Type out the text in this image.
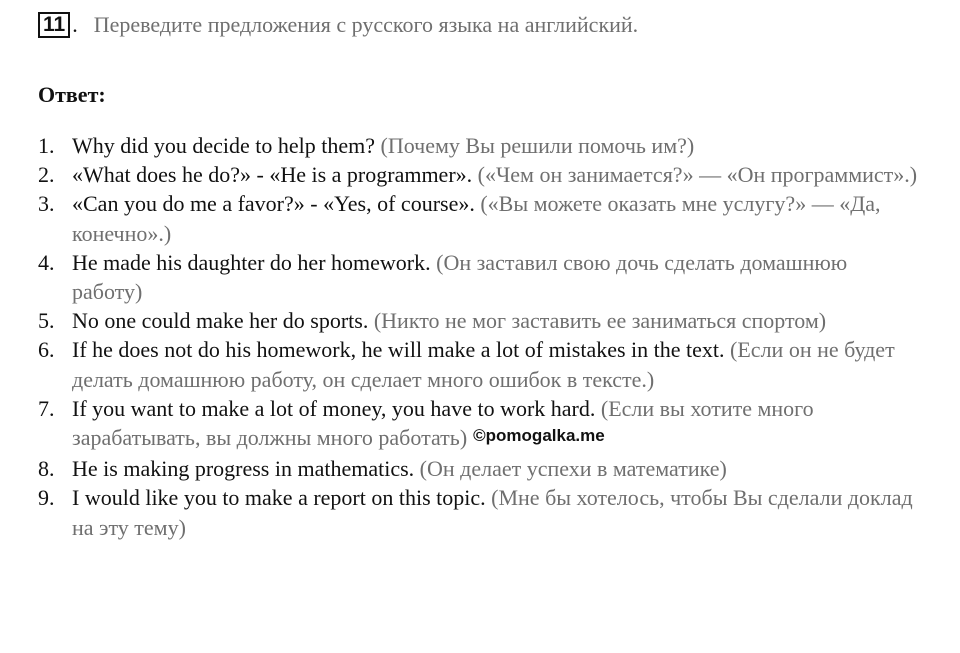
11 . Переведите предложения с русского языка на английский.
Ответ:
1. Why did you decide to help them? (Почему Вы решили помочь им?)
2. «What does he do?» - «He is a programmer». («Чем он занимается?» — «Он программист».)
3. «Can you do me a favor?» - «Yes, of course». («Вы можете оказать мне услугу?» — «Да, конечно».)
4. He made his daughter do her homework. (Он заставил свою дочь сделать домашнюю работу)
5. No one could make her do sports. (Никто не мог заставить ее заниматься спортом)
6. If he does not do his homework, he will make a lot of mistakes in the text. (Если он не будет делать домашнюю работу, он сделает много ошибок в тексте.)
7. If you want to make a lot of money, you have to work hard. (Если вы хотите много зарабатывать, вы должны много работать) ©pomogalka.me
8. He is making progress in mathematics. (Он делает успехи в математике)
9. I would like you to make a report on this topic. (Мне бы хотелось, чтобы Вы сделали доклад на эту тему)
